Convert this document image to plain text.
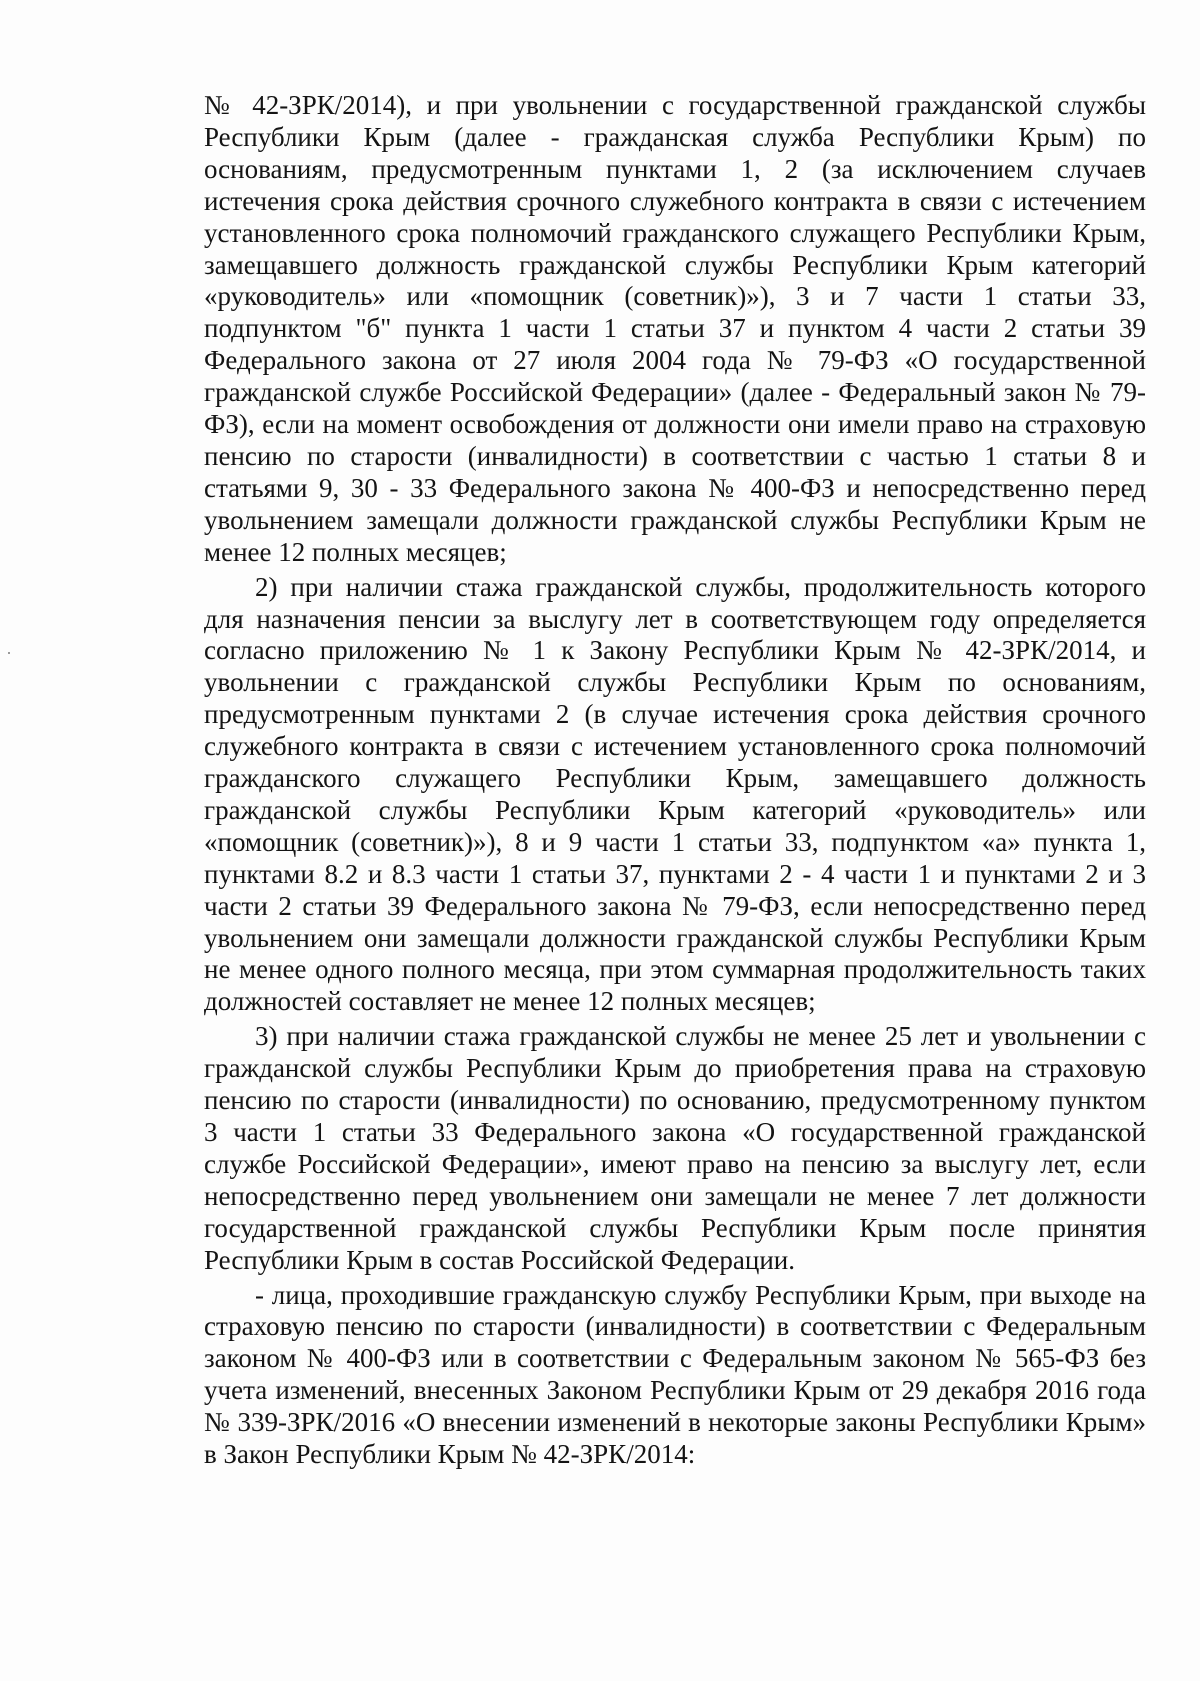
№ 42-ЗРК/2014), и при увольнении с государственной гражданской службы Республики Крым (далее - гражданская служба Республики Крым) по основаниям, предусмотренным пунктами 1, 2 (за исключением случаев истечения срока действия срочного служебного контракта в связи с истечением установленного срока полномочий гражданского служащего Республики Крым, замещавшего должность гражданской службы Республики Крым категорий «руководитель» или «помощник (советник)»), 3 и 7 части 1 статьи 33, подпунктом "б" пункта 1 части 1 статьи 37 и пунктом 4 части 2 статьи 39 Федерального закона от 27 июля 2004 года № 79-ФЗ «О государственной гражданской службе Российской Федерации» (далее - Федеральный закон № 79-ФЗ), если на момент освобождения от должности они имели право на страховую пенсию по старости (инвалидности) в соответствии с частью 1 статьи 8 и статьями 9, 30 - 33 Федерального закона № 400-ФЗ и непосредственно перед увольнением замещали должности гражданской службы Республики Крым не менее 12 полных месяцев;

2) при наличии стажа гражданской службы, продолжительность которого для назначения пенсии за выслугу лет в соответствующем году определяется согласно приложению № 1 к Закону Республики Крым № 42-ЗРК/2014, и увольнении с гражданской службы Республики Крым по основаниям, предусмотренным пунктами 2 (в случае истечения срока действия срочного служебного контракта в связи с истечением установленного срока полномочий гражданского служащего Республики Крым, замещавшего должность гражданской службы Республики Крым категорий «руководитель» или «помощник (советник)»), 8 и 9 части 1 статьи 33, подпунктом «а» пункта 1, пунктами 8.2 и 8.3 части 1 статьи 37, пунктами 2 - 4 части 1 и пунктами 2 и 3 части 2 статьи 39 Федерального закона № 79-ФЗ, если непосредственно перед увольнением они замещали должности гражданской службы Республики Крым не менее одного полного месяца, при этом суммарная продолжительность таких должностей составляет не менее 12 полных месяцев;

3) при наличии стажа гражданской службы не менее 25 лет и увольнении с гражданской службы Республики Крым до приобретения права на страховую пенсию по старости (инвалидности) по основанию, предусмотренному пунктом 3 части 1 статьи 33 Федерального закона «О государственной гражданской службе Российской Федерации», имеют право на пенсию за выслугу лет, если непосредственно перед увольнением они замещали не менее 7 лет должности государственной гражданской службы Республики Крым после принятия Республики Крым в состав Российской Федерации.

- лица, проходившие гражданскую службу Республики Крым, при выходе на страховую пенсию по старости (инвалидности) в соответствии с Федеральным законом № 400-ФЗ или в соответствии с Федеральным законом № 565-ФЗ без учета изменений, внесенных Законом Республики Крым от 29 декабря 2016 года № 339-ЗРК/2016 «О внесении изменений в некоторые законы Республики Крым» в Закон Республики Крым № 42-ЗРК/2014:
